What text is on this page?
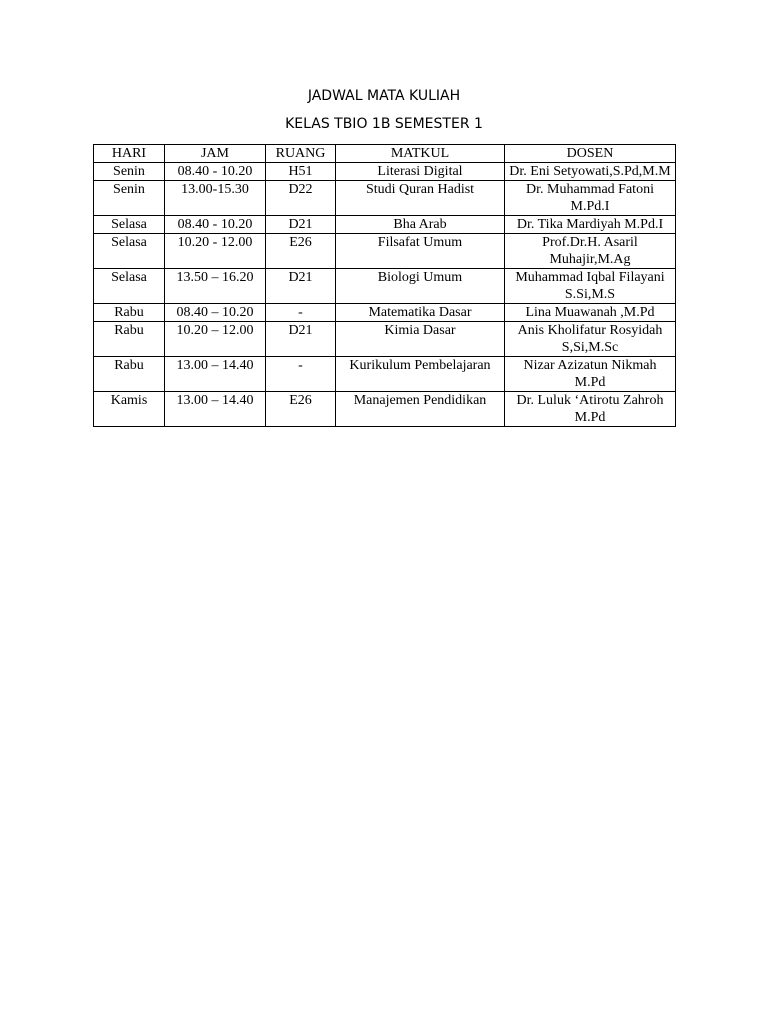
JADWAL MATA KULIAH
KELAS TBIO 1B SEMESTER 1
HARI	JAM	RUANG	MATKUL	DOSEN
Senin	08.40 - 10.20	H51	Literasi Digital	Dr. Eni Setyowati,S.Pd,M.M
Senin	13.00-15.30	D22	Studi Quran Hadist	Dr. Muhammad Fatoni M.Pd.I
Selasa	08.40 - 10.20	D21	Bha Arab	Dr. Tika Mardiyah M.Pd.I
Selasa	10.20 - 12.00	E26	Filsafat Umum	Prof.Dr.H. Asaril Muhajir,M.Ag
Selasa	13.50 – 16.20	D21	Biologi Umum	Muhammad Iqbal Filayani S.Si,M.S
Rabu	08.40 – 10.20	-	Matematika Dasar	Lina Muawanah ,M.Pd
Rabu	10.20 – 12.00	D21	Kimia Dasar	Anis Kholifatur Rosyidah S,Si,M.Sc
Rabu	13.00 – 14.40	-	Kurikulum Pembelajaran	Nizar Azizatun Nikmah M.Pd
Kamis	13.00 – 14.40	E26	Manajemen Pendidikan	Dr. Luluk ‘Atirotu Zahroh M.Pd
